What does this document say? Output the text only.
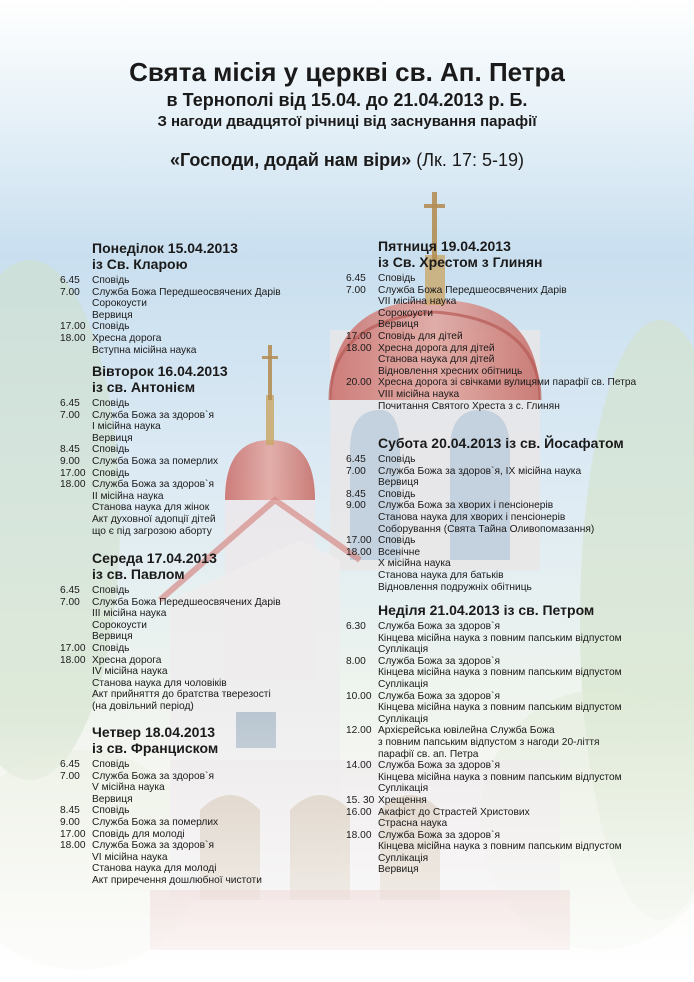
Свята місія у церкві св. Ап. Петра
в Тернополі від 15.04. до 21.04.2013 р. Б.
З нагоди двадцятої річниці від заснування парафії
«Господи, додай нам віри» (Лк. 17: 5-19)
Понеділок 15.04.2013
із Св. Кларою
6.45	Сповідь
7.00	Служба Божа Передшеосвячених Дарів
Сорокоусти
Вервиця
17.00 Сповідь
18.00 Хресна дорога
Вступна місійна наука
Вівторок 16.04.2013
із св. Антонієм
6.45	Сповідь
7.00	Служба Божа за здоров`я
І місійна наука
Вервиця
8.45	Сповідь
9.00	Служба Божа за померлих
17.00 Сповідь
18.00 Служба Божа за здоров`я
ІІ місійна наука
Станова наука для жінок
Акт духовної адопції дітей
що є під загрозою аборту
Середа 17.04.2013
із св. Павлом
6.45	Сповідь
7.00	Служба Божа Передшеосвячених Дарів
ІІІ місійна наука
Сорокоусти
Вервиця
17.00 Сповідь
18.00 Хресна дорога
IV місійна наука
Станова наука для чоловіків
Акт прийняття до братства тверезості
(на довільний період)
Четвер 18.04.2013
із св. Франциском
6.45	Сповідь
7.00	Служба Божа за здоров`я
V місійна наука
Вервиця
8.45	Сповідь
9.00	Служба Божа за померлих
17.00 Сповідь для молоді
18.00 Служба Божа за здоров`я
VI місійна наука
Станова наука для молоді
Акт приречення дошлюбної чистоти
Пятниця 19.04.2013
із Св. Хрестом з Глинян
6.45	Сповідь
7.00	Служба Божа Передшеосвячених Дарів
VII місійна наука
Сорокоусти
Вервиця
17.00 Сповідь для дітей
18.00 Хресна дорога для дітей
Станова наука для дітей
Відновлення хресних обітниць
20.00 Хресна дорога зі свічками вулицями парафії св. Петра
VIII місійна наука
Почитання Святого Хреста з с. Глинян
Субота 20.04.2013 із св. Йосафатом
6.45	Сповідь
7.00	Служба Божа за здоров`я, IX місійна наука
Вервиця
8.45	Сповідь
9.00	Служба Божа за хворих і пенсіонерів
Станова наука для хворих і пенсіонерів
Соборування (Свята Тайна Оливопомазання)
17.00 Сповідь
18.00 Всенічне
X місійна наука
Станова наука для батьків
Відновлення подружніх обітниць
Неділя 21.04.2013 із св. Петром
6.30	Служба Божа за здоров`я
Кінцева місійна наука з повним папським відпустом
Суплікація
8.00	Служба Божа за здоров`я
Кінцева місійна наука з повним папським відпустом
Суплікація
10.00 Служба Божа за здоров`я
Кінцева місійна наука з повним папським відпустом
Суплікація
12.00 Архієрейська ювілейна Служба Божа
з повним папським відпустом з нагоди 20-ліття
парафії св. ап. Петра
14.00 Служба Божа за здоров`я
Кінцева місійна наука з повним папським відпустом
Суплікація
15. 30 Хрещення
16.00 Акафіст до Страстей Христових
Страсна наука
18.00 Служба Божа за здоров`я
Кінцева місійна наука з повним папським відпустом
Суплікація
Вервиця
